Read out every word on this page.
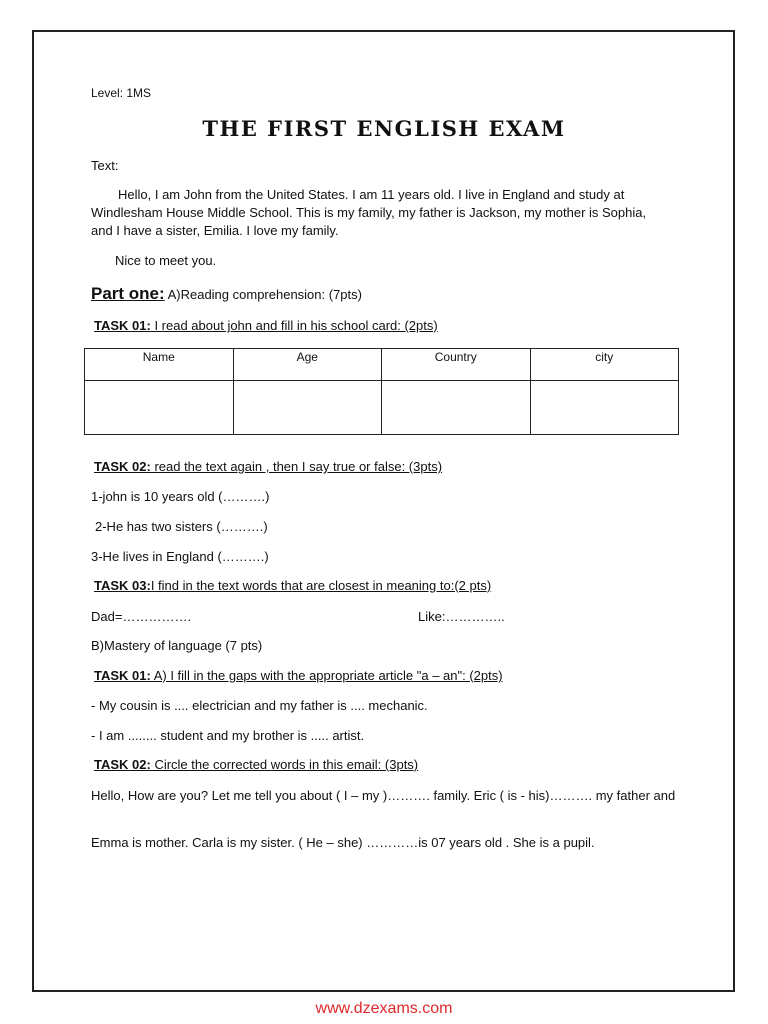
Level: 1MS
THE FIRST ENGLISH EXAM
Text:
Hello, I am John from the United States. I am 11 years old. I live in England and study at Windlesham House Middle School. This is my family, my father is Jackson, my mother is Sophia, and I have a sister, Emilia. I love my family.
Nice to meet you.
Part one: A)Reading comprehension: (7pts)
TASK 01: I read about john and fill in his school card: (2pts)
Name	Age	Country	city

TASK 02: read the text again , then I say true or false: (3pts)
1-john is 10 years old (……….)
2-He has two sisters (……….)
3-He lives in England (……….)
TASK 03:I find in the text words that are closest in meaning to:(2 pts)
Dad=…………….	Like:…………..
B)Mastery of language (7 pts)
TASK 01: A) I fill in the gaps with the appropriate article "a – an": (2pts)
- My cousin is .... electrician and my father is .... mechanic.
- I am ........ student and my brother is ..... artist.
TASK 02: Circle the corrected words in this email: (3pts)
Hello, How are you? Let me tell you about ( I – my )………. family. Eric ( is - his)………. my father and
Emma is mother. Carla is my sister. ( He – she) …………is 07 years old . She is a pupil.
www.dzexams.com
